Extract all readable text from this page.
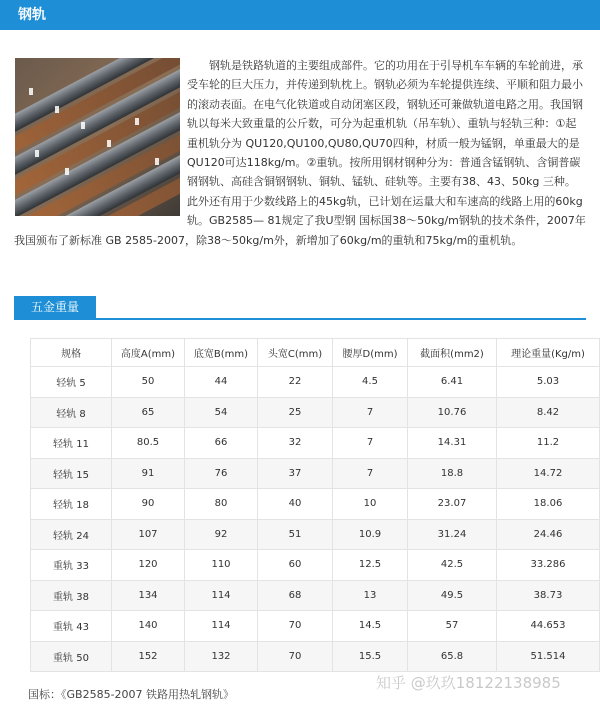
钢轨

钢轨是铁路轨道的主要组成部件。它的功用在于引导机车车辆的车轮前进，承受车轮的巨大压力，并传递到轨枕上。钢轨必须为车轮提供连续、平顺和阻力最小的滚动表面。在电气化铁道或自动闭塞区段，钢轨还可兼做轨道电路之用。我国钢轨以每米大致重量的公斤数，可分为起重机轨（吊车轨）、重轨与轻轨三种：①起重机轨分为 QU120,QU100,QU80,QU70四种，材质一般为锰钢，单重最大的是QU120可达118kg/m。②重轨。按所用钢材钢种分为：普通含锰钢轨、含铜普碳钢钢轨、高硅含铜钢钢轨、铜轨、锰轨、硅轨等。主要有38、43、50kg 三种。此外还有用于少数线路上的45kg轨，已计划在运量大和车速高的线路上用的60kg轨。GB2585— 81规定了我U型钢 国标国38～50kg/m钢轨的技术条件，2007年我国颁布了新标准 GB 2585-2007，除38～50kg/m外，新增加了60kg/m的重轨和75kg/m的重机轨。

五金重量
规格	高度A(mm)	底宽B(mm)	头宽C(mm)	腰厚D(mm)	截面积(mm2)	理论重量(Kg/m)
轻轨 5	50	44	22	4.5	6.41	5.03
轻轨 8	65	54	25	7	10.76	8.42
轻轨 11	80.5	66	32	7	14.31	11.2
轻轨 15	91	76	37	7	18.8	14.72
轻轨 18	90	80	40	10	23.07	18.06
轻轨 24	107	92	51	10.9	31.24	24.46
重轨 33	120	110	60	12.5	42.5	33.286
重轨 38	134	114	68	13	49.5	38.73
重轨 43	140	114	70	14.5	57	44.653
重轨 50	152	132	70	15.5	65.8	51.514
知乎 @玖玖18122138985
国标：《GB2585-2007 铁路用热轧钢轨》
